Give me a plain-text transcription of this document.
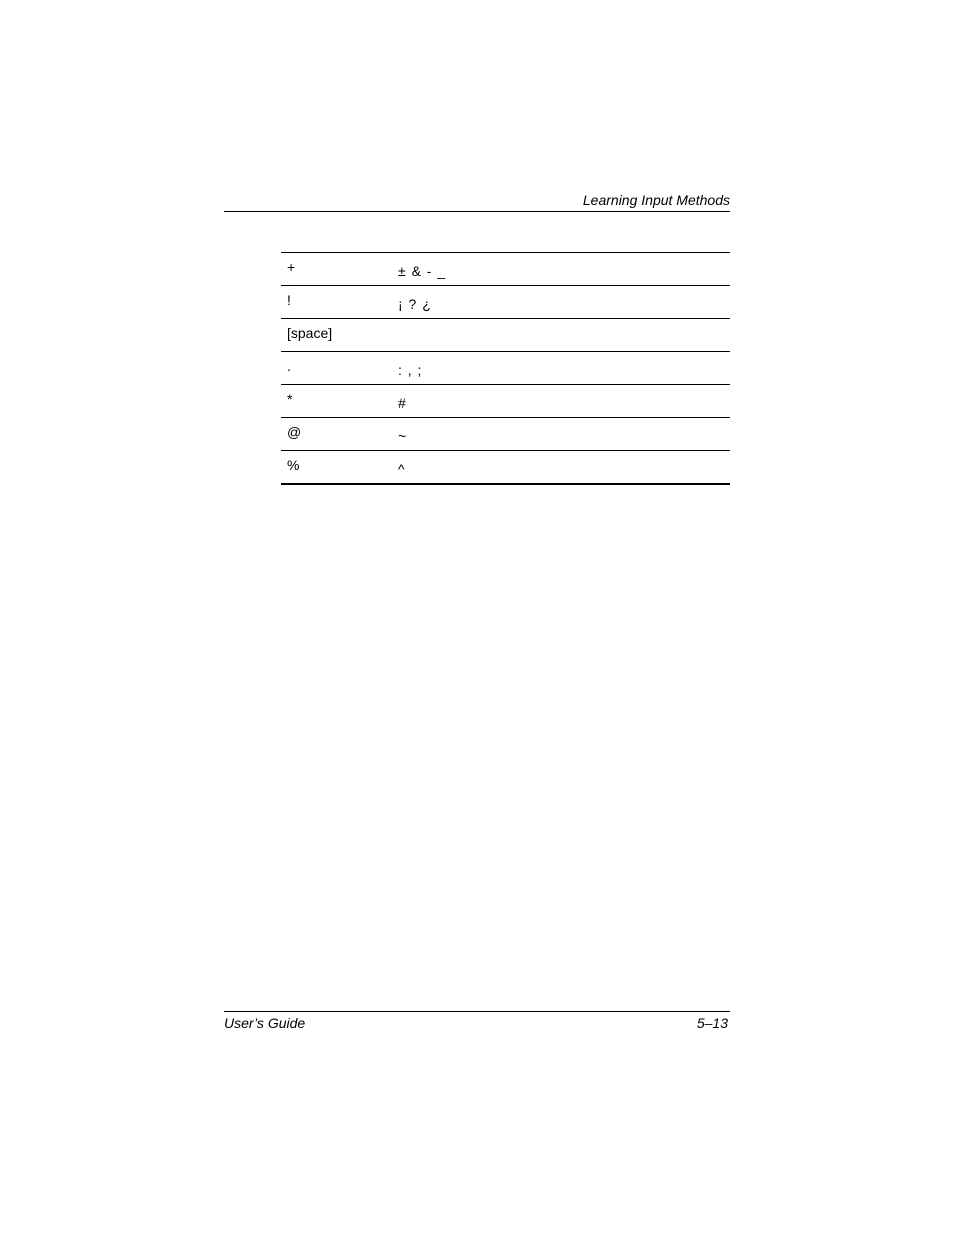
Learning Input Methods
+	± & - _
!	¡ ? ¿
[space]	
.	: , ;
*	#
@	~
%	^
User’s Guide	5–13
